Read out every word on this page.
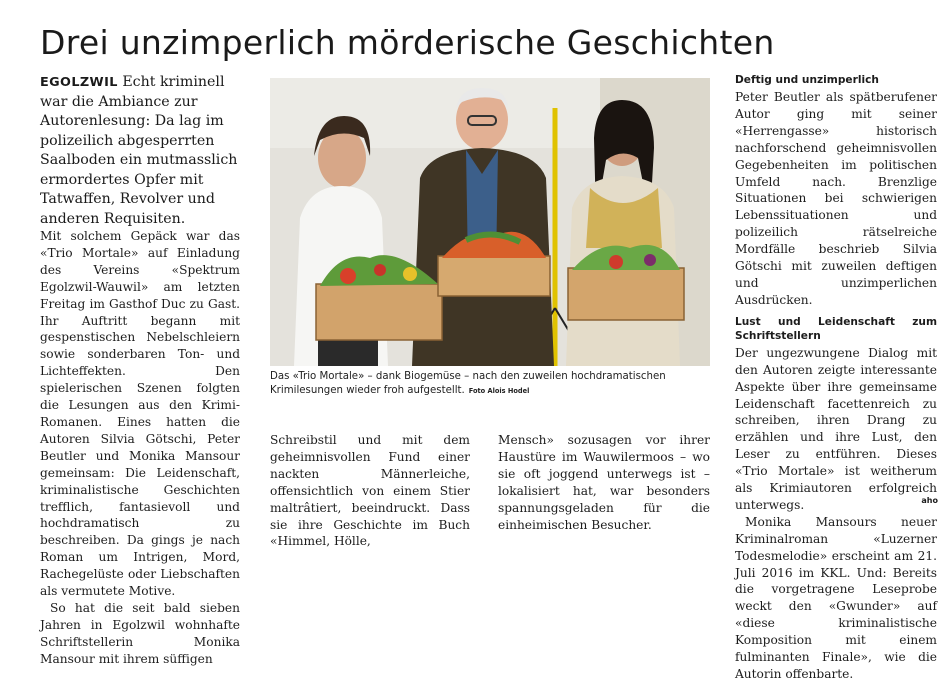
Drei unzimperlich mörderische Geschichten
EGOLZWIL Echt kriminell war die Ambiance zur Autorenlesung: Da lag im polizeilich abgesperrten Saalboden ein mutmasslich ermordertes Opfer mit Tatwaffen, Revolver und anderen Requisiten.

Mit solchem Gepäck war das «Trio Mortale» auf Einladung des Vereins «Spektrum Egolzwil-Wauwil» am letzten Freitag im Gasthof Duc zu Gast. Ihr Auftritt begann mit gespenstischen Nebelschleiern sowie sonderbaren Ton- und Lichteffekten. Den spielerischen Szenen folgten die Lesungen aus den Krimi-Romanen. Eines hatten die Autoren Silvia Götschi, Peter Beutler und Monika Mansour gemeinsam: Die Leidenschaft, kriminalistische Geschichten trefflich, fantasievoll und hochdramatisch zu beschreiben. Da gings je nach Roman um Intrigen, Mord, Rachegelüste oder Liebschaften als vermutete Motive.

So hat die seit bald sieben Jahren in Egolzwil wohnhafte Schriftstellerin Monika Mansour mit ihrem süffigen

Das «Trio Mortale» – dank Biogemüse – nach den zuweilen hochdramatischen Krimilesungen wieder froh aufgestellt. Foto Alois Hodel

Schreibstil und mit dem geheimnisvollen Fund einer nackten Männerleiche, offensichtlich von einem Stier maltrâtiert, beeindruckt. Dass sie ihre Geschichte im Buch «Himmel, Hölle,

Mensch» sozusagen vor ihrer Haustüre im Wauwilermoos – wo sie oft joggend unterwegs ist – lokalisiert hat, war besonders spannungsgeladen für die einheimischen Besucher.

Deftig und unzimperlich

Peter Beutler als spätberufener Autor ging mit seiner «Herrengasse» historisch nachforschend geheimnisvollen Gegebenheiten im politischen Umfeld nach. Brenzlige Situationen bei schwierigen Lebenssituationen und polizeilich rätselreiche Mordfälle beschrieb Silvia Götschi mit zuweilen deftigen und unzimperlichen Ausdrücken.

Lust und Leidenschaft zum Schriftstellern

Der ungezwungene Dialog mit den Autoren zeigte interessante Aspekte über ihre gemeinsame Leidenschaft facettenreich zu schreiben, ihren Drang zu erzählen und ihre Lust, den Leser zu entführen. Dieses «Trio Mortale» ist weitherum als Krimiautoren erfolgreich unterwegs.

Monika Mansours neuer Kriminalroman «Luzerner Todesmelodie» erscheint am 21. Juli 2016 im KKL. Und: Bereits die vorgetragene Leseprobe weckt den «Gwunder» auf «diese kriminalistische Komposition mit einem fulminanten Finale», wie die Autorin offenbarte.

aho
